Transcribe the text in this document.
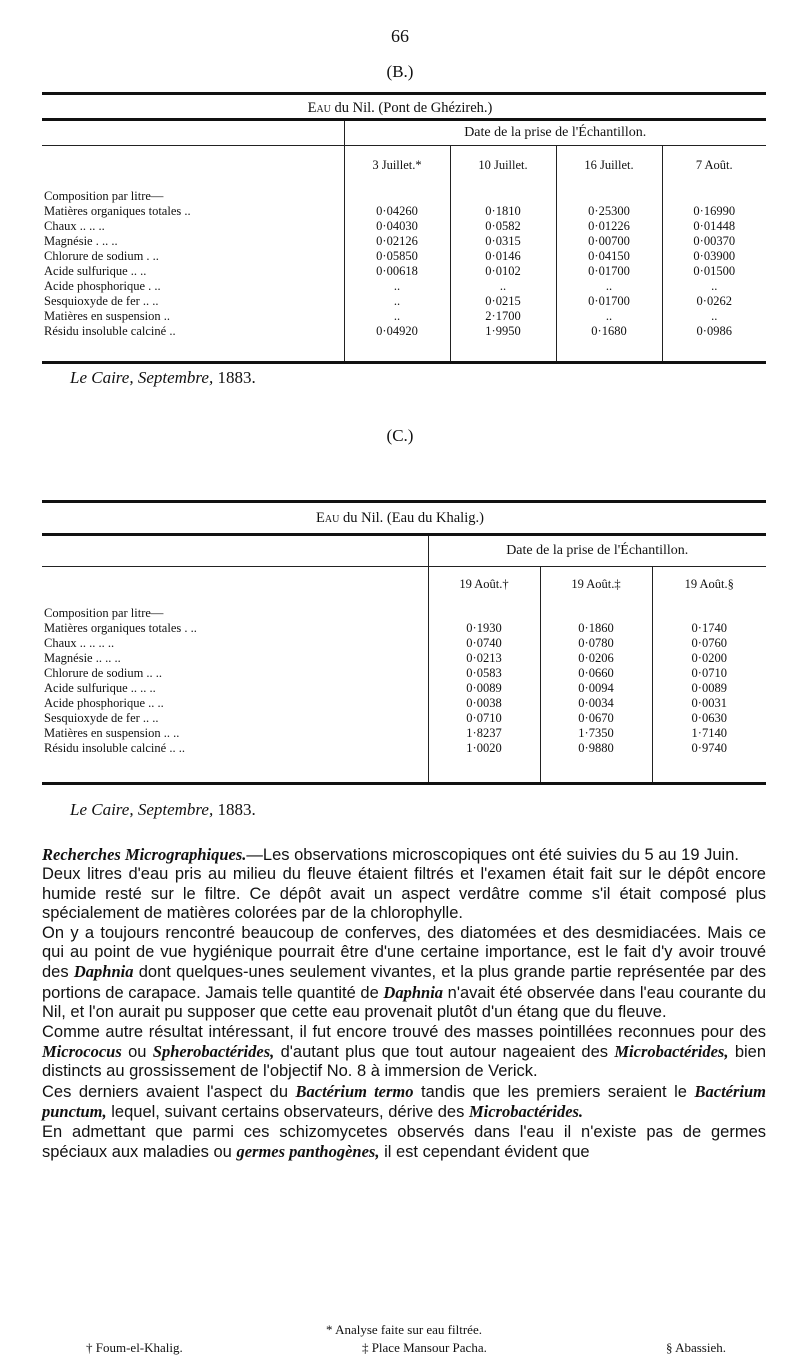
66
(B.)
Eau du Nil. (Pont de Ghézireh.)
	Date de la prise de l'Échantillon.			
	3 Juillet.*	10 Juillet.	16 Juillet.	7 Août.
Composition par litre—				
Matières organiques totales ..	0·04260	0·1810	0·25300	0·16990
Chaux .. .. ..	0·04030	0·0582	0·01226	0·01448
Magnésie . .. ..	0·02126	0·0315	0·00700	0·00370
Chlorure de sodium . ..	0·05850	0·0146	0·04150	0·03900
Acide sulfurique .. ..	0·00618	0·0102	0·01700	0·01500
Acide phosphorique . ..	..	..	..	..
Sesquioxyde de fer .. ..	..	0·0215	0·01700	0·0262
Matières en suspension ..	..	2·1700	..	..
Résidu insoluble calciné ..	0·04920	1·9950	0·1680	0·0986

Le Caire, Septembre, 1883.
(C.)
Eau du Nil. (Eau du Khalig.)
	Date de la prise de l'Échantillon.		
	19 Août.†	19 Août.‡	19 Août.§
Composition par litre—			
Matières organiques totales . ..	0·1930	0·1860	0·1740
Chaux .. .. .. ..	0·0740	0·0780	0·0760
Magnésie .. .. ..	0·0213	0·0206	0·0200
Chlorure de sodium .. ..	0·0583	0·0660	0·0710
Acide sulfurique .. .. ..	0·0089	0·0094	0·0089
Acide phosphorique .. ..	0·0038	0·0034	0·0031
Sesquioxyde de fer .. ..	0·0710	0·0670	0·0630
Matières en suspension .. ..	1·8237	1·7350	1·7140
Résidu insoluble calciné .. ..	1·0020	0·9880	0·9740

Le Caire, Septembre, 1883.

Recherches Micrographiques.—Les observations microscopiques ont été suivies du 5 au 19 Juin.

Deux litres d'eau pris au milieu du fleuve étaient filtrés et l'examen était fait sur le dépôt encore humide resté sur le filtre. Ce dépôt avait un aspect verdâtre comme s'il était composé plus spécialement de matières colorées par de la chlorophylle.

On y a toujours rencontré beaucoup de conferves, des diatomées et des desmidiacées. Mais ce qui au point de vue hygiénique pourrait être d'une certaine importance, est le fait d'y avoir trouvé des Daphnia dont quelques-unes seulement vivantes, et la plus grande partie représentée par des portions de carapace. Jamais telle quantité de Daphnia n'avait été observée dans l'eau courante du Nil, et l'on aurait pu supposer que cette eau provenait plutôt d'un étang que du fleuve.

Comme autre résultat intéressant, il fut encore trouvé des masses pointillées reconnues pour des Micrococus ou Spherobactérides, d'autant plus que tout autour nageaient des Microbactérides, bien distincts au grossissement de l'objectif No. 8 à immersion de Verick.

Ces derniers avaient l'aspect du Bactérium termo tandis que les premiers seraient le Bactérium punctum, lequel, suivant certains observateurs, dérive des Microbactérides.

En admettant que parmi ces schizomycetes observés dans l'eau il n'existe pas de germes spéciaux aux maladies ou germes panthogènes, il est cependant évident que

* Analyse faite sur eau filtrée.
† Foum-el-Khalig.	‡ Place Mansour Pacha.	§ Abassieh.
